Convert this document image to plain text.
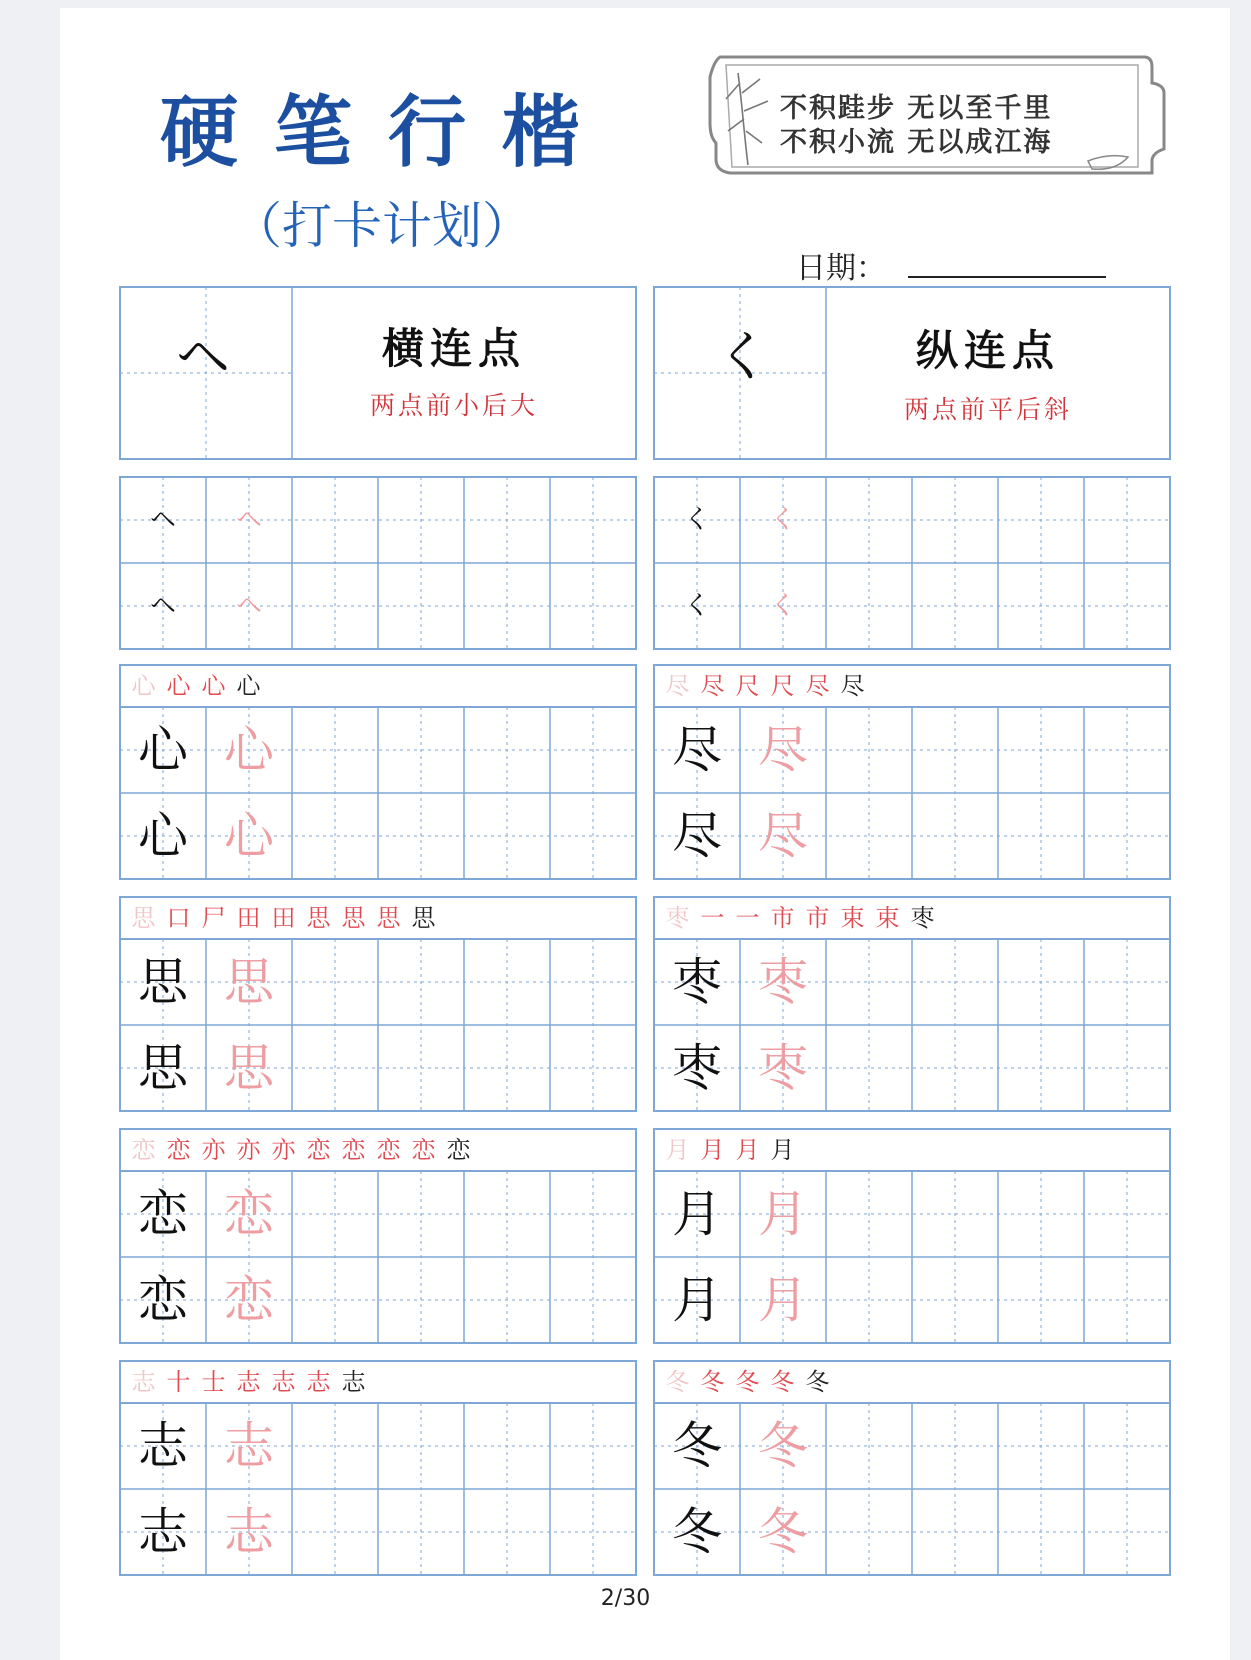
硬笔行楷
（打卡计划）
不积跬步 无以至千里
不积小流 无以成江海
日期：
ヘ	横连点
两点前小后大
く	纵连点
两点前平后斜
ヘ	ヘ
ヘ	ヘ
く	く
く	く
心 心 心 心
心 心
心 心
尽 尽 尺 尺 尽 尽
尽 尽
尽 尽
思 口 尸 田 田 思 思 思 思
思 思
思 思
枣 一 一 市 市 束 束 枣
枣 枣
枣 枣
恋 恋 亦 亦 亦 恋 恋 恋 恋 恋
恋 恋
恋 恋
月 月 月 月
月 月
月 月
志 十 士 志 志 志 志
志 志
志 志
冬 冬 冬 冬 冬
冬 冬
冬 冬
2/30
